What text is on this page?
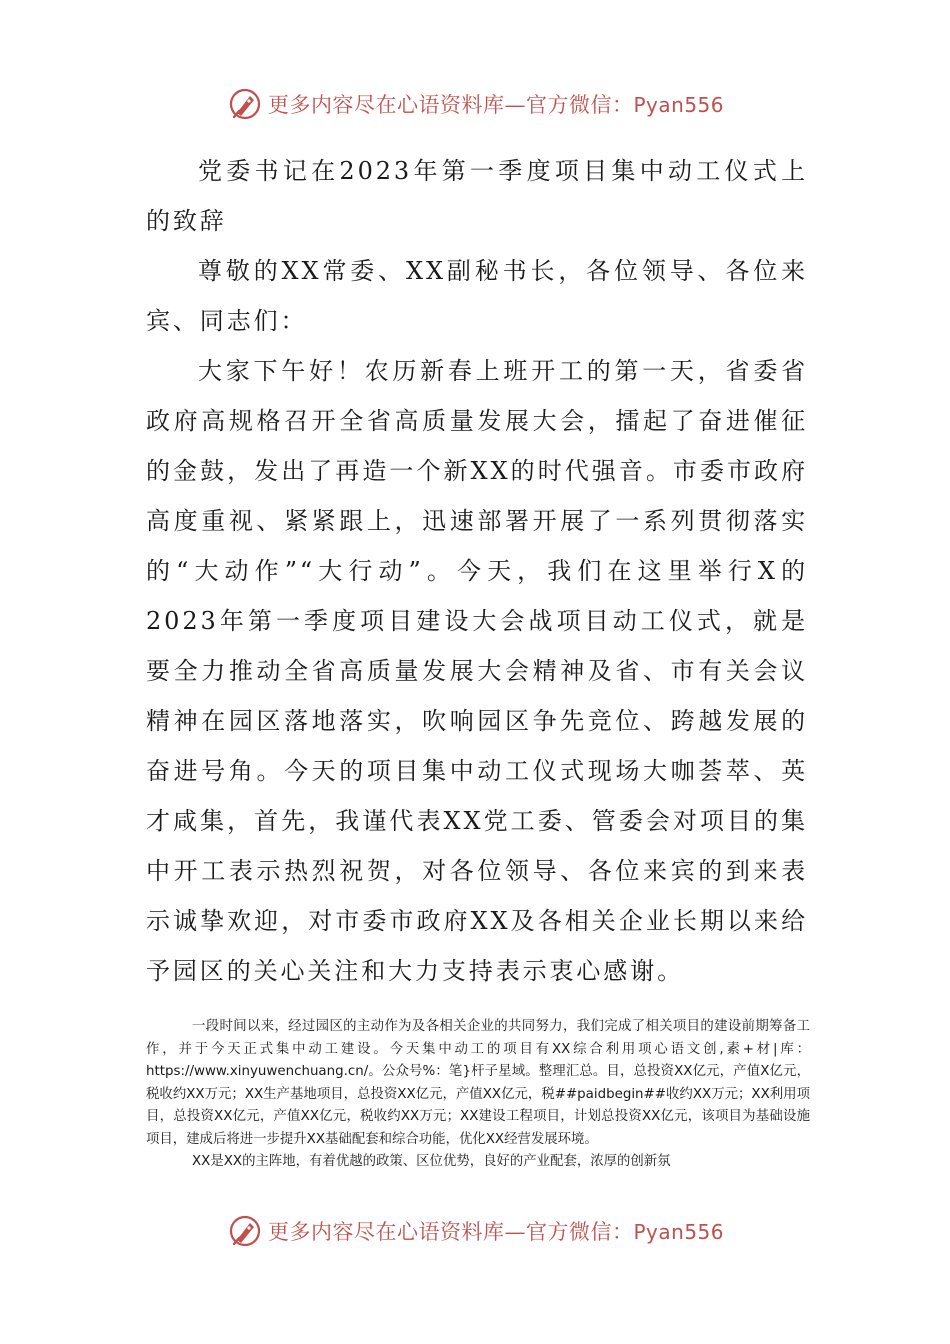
更多内容尽在心语资料库—官方微信：Pyan556

党委书记在2023年第一季度项目集中动工仪式上的致辞

尊敬的XX常委、XX副秘书长，各位领导、各位来宾、同志们：

大家下午好！农历新春上班开工的第一天，省委省政府高规格召开全省高质量发展大会，擂起了奋进催征的金鼓，发出了再造一个新XX的时代强音。市委市政府高度重视、紧紧跟上，迅速部署开展了一系列贯彻落实的“大动作”“大行动”。今天，我们在这里举行X的2023年第一季度项目建设大会战项目动工仪式，就是要全力推动全省高质量发展大会精神及省、市有关会议精神在园区落地落实，吹响园区争先竞位、跨越发展的奋进号角。今天的项目集中动工仪式现场大咖荟萃、英才咸集，首先，我谨代表XX党工委、管委会对项目的集中开工表示热烈祝贺，对各位领导、各位来宾的到来表示诚挚欢迎，对市委市政府XX及各相关企业长期以来给予园区的关心关注和大力支持表示衷心感谢。

一段时间以来，经过园区的主动作为及各相关企业的共同努力，我们完成了相关项目的建设前期筹备工作，并于今天正式集中动工建设。今天集中动工的项目有XX综合利用项心语文创,素+材|库：https://www.xinyuwenchuang.cn/。公众号%：笔}杆子星域。整理汇总。目，总投资XX亿元，产值X亿元，税收约XX万元；XX生产基地项目，总投资XX亿元，产值XX亿元，税##paidbegin##收约XX万元；XX利用项目，总投资XX亿元，产值XX亿元，税收约XX万元；XX建设工程项目，计划总投资XX亿元，该项目为基础设施项目，建成后将进一步提升XX基础配套和综合功能，优化XX经营发展环境。

XX是XX的主阵地，有着优越的政策、区位优势，良好的产业配套，浓厚的创新氛

更多内容尽在心语资料库—官方微信：Pyan556
